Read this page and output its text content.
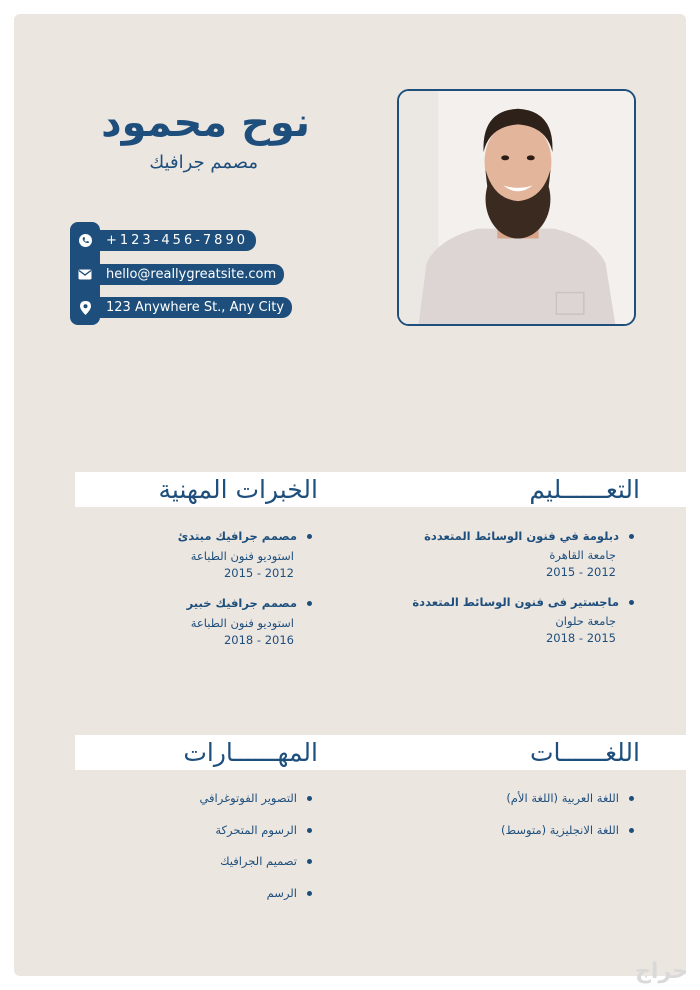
نوح محمود
مصمم جرافيك
+123-456-7890
hello@reallygreatsite.com
123 Anywhere St., Any City
التعــــــليم
الخبرات المهنية
اللغــــــات
المهــــــارات
دبلومة في فنون الوسائط المتعددة
جامعة القاهرة
2012 - 2015
ماجستير فى فنون الوسائط المتعددة
جامعة حلوان
2015 - 2018
مصمم جرافيك مبتدئ
استوديو فنون الطباعة
2012 - 2015
مصمم جرافيك خبير
استوديو فنون الطباعة
2016 - 2018
اللغة العربية (اللغة الأم)
اللغة الانجليزية (متوسط)
التصوير الفوتوغرافي
الرسوم المتحركة
تصميم الجرافيك
الرسم
حراج
